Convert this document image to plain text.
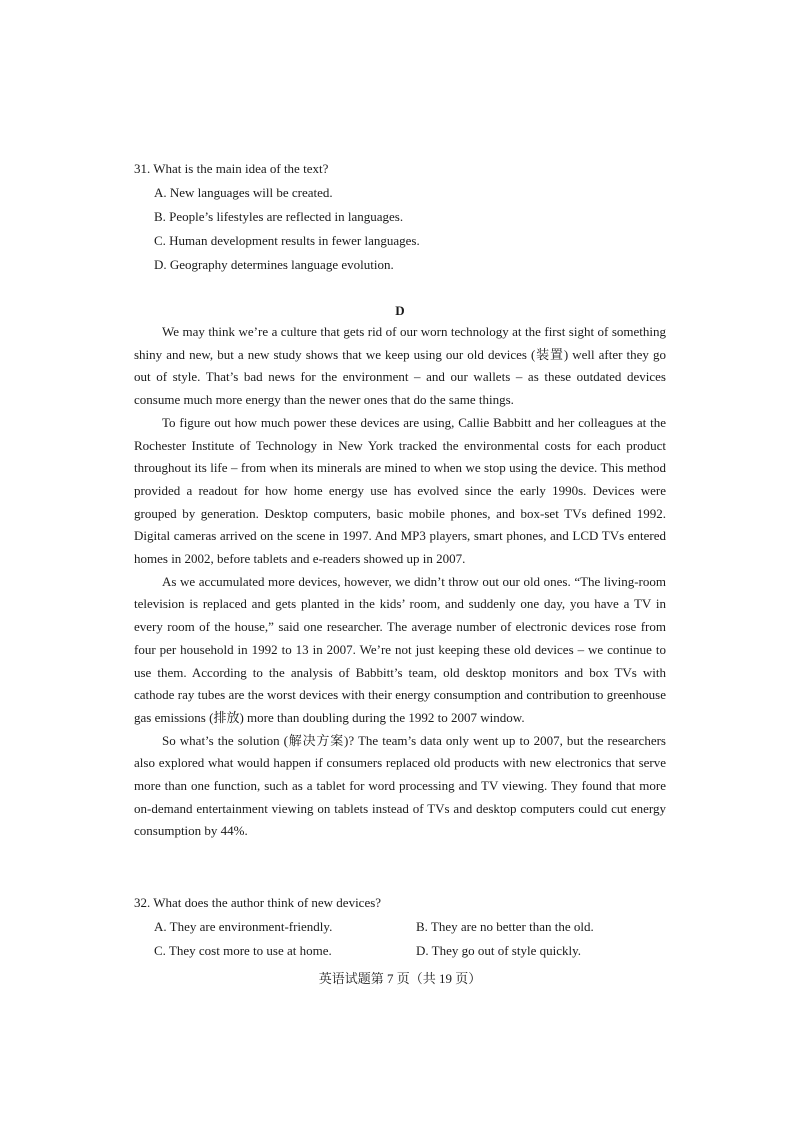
31. What is the main idea of the text?
A. New languages will be created.
B. People’s lifestyles are reflected in languages.
C. Human development results in fewer languages.
D. Geography determines language evolution.
D

We may think we’re a culture that gets rid of our worn technology at the first sight of something shiny and new, but a new study shows that we keep using our old devices (装置) well after they go out of style. That’s bad news for the environment – and our wallets – as these outdated devices consume much more energy than the newer ones that do the same things.

To figure out how much power these devices are using, Callie Babbitt and her colleagues at the Rochester Institute of Technology in New York tracked the environmental costs for each product throughout its life – from when its minerals are mined to when we stop using the device. This method provided a readout for how home energy use has evolved since the early 1990s. Devices were grouped by generation. Desktop computers, basic mobile phones, and box-set TVs defined 1992. Digital cameras arrived on the scene in 1997. And MP3 players, smart phones, and LCD TVs entered homes in 2002, before tablets and e-readers showed up in 2007.

As we accumulated more devices, however, we didn’t throw out our old ones. “The living-room television is replaced and gets planted in the kids’ room, and suddenly one day, you have a TV in every room of the house,” said one researcher. The average number of electronic devices rose from four per household in 1992 to 13 in 2007. We’re not just keeping these old devices – we continue to use them. According to the analysis of Babbitt’s team, old desktop monitors and box TVs with cathode ray tubes are the worst devices with their energy consumption and contribution to greenhouse gas emissions (排放) more than doubling during the 1992 to 2007 window.

So what’s the solution (解决方案)? The team’s data only went up to 2007, but the researchers also explored what would happen if consumers replaced old products with new electronics that serve more than one function, such as a tablet for word processing and TV viewing. They found that more on-demand entertainment viewing on tablets instead of TVs and desktop computers could cut energy consumption by 44%.

32. What does the author think of new devices?
A. They are environment-friendly.	B. They are no better than the old.
C. They cost more to use at home.	D. They go out of style quickly.
英语试题第 7 页（共 19 页）
